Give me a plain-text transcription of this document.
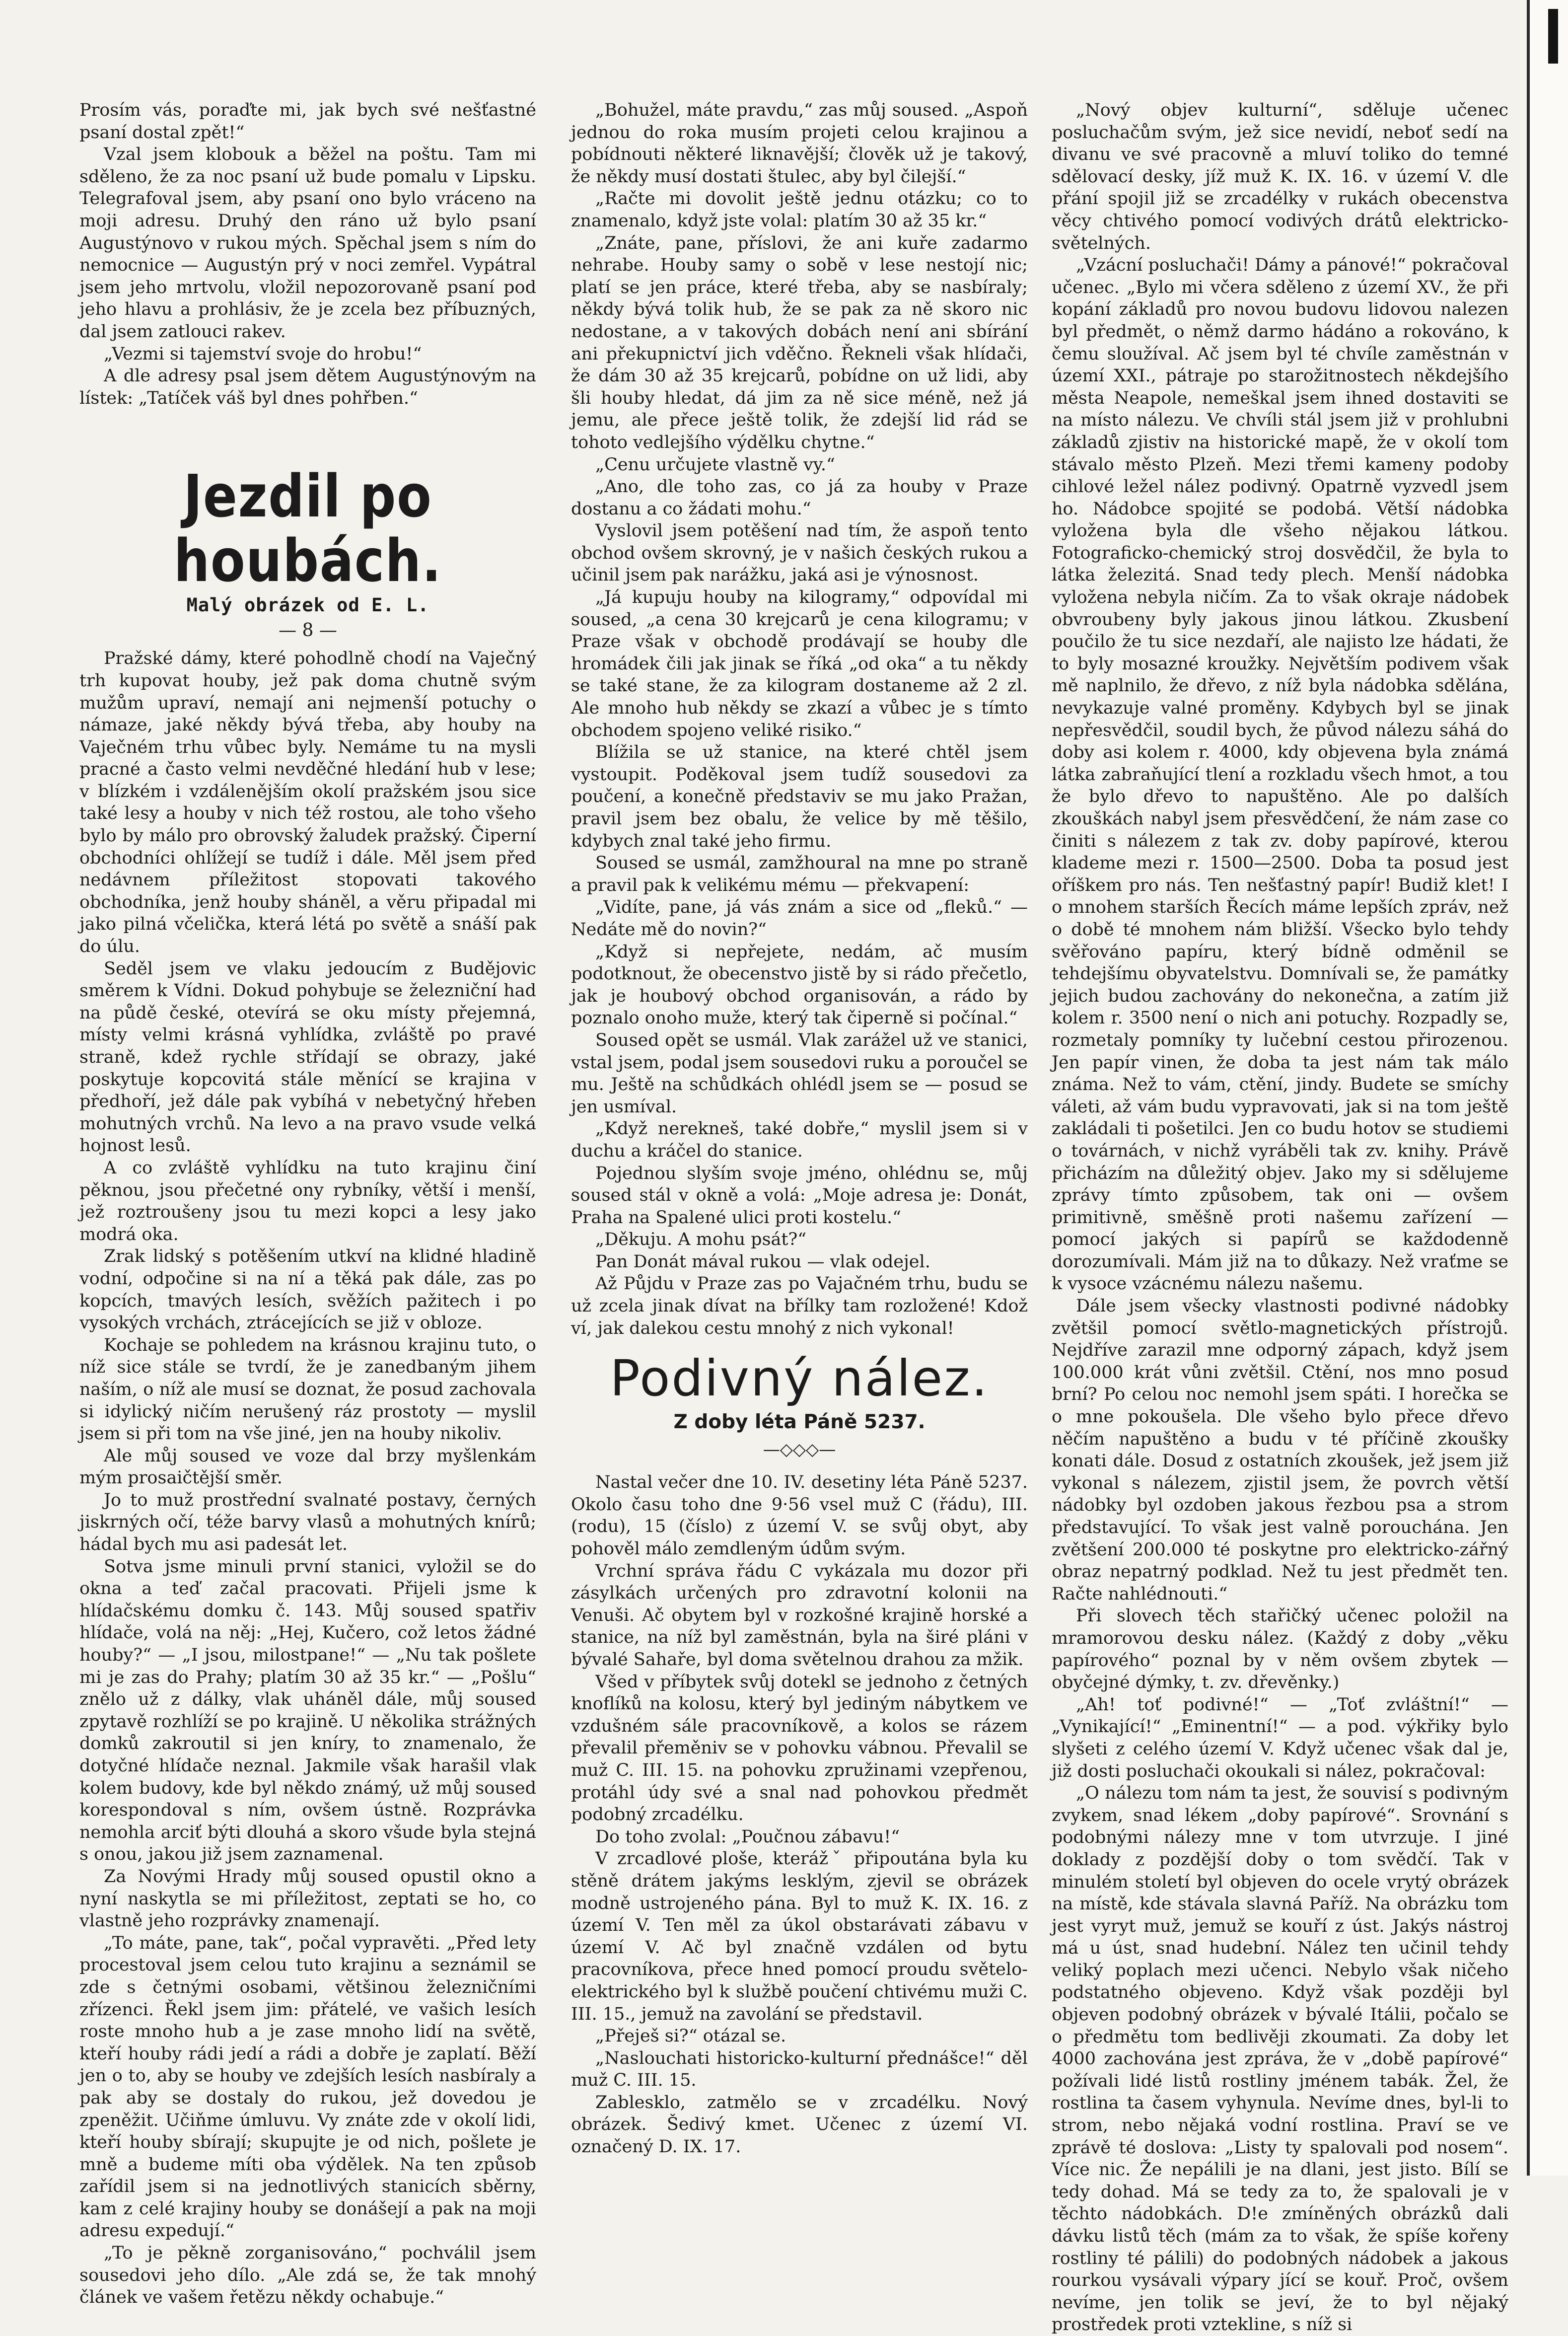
Prosím vás, poraďte mi, jak bych své nešťastné psaní dostal zpět!“

Vzal jsem klobouk a běžel na poštu. Tam mi sděleno, že za noc psaní už bude pomalu v Lipsku. Telegrafoval jsem, aby psaní ono bylo vráceno na moji adresu. Druhý den ráno už bylo psaní Augustýnovo v rukou mých. Spěchal jsem s ním do nemocnice — Augustýn prý v noci zemřel. Vypátral jsem jeho mrtvolu, vložil nepozorovaně psaní pod jeho hlavu a prohlásiv, že je zcela bez příbuzných, dal jsem zatlouci rakev.

„Vezmi si tajemství svoje do hrobu!“

A dle adresy psal jsem dětem Augustýnovým na lístek: „Tatíček váš byl dnes pohřben.“

Jezdil po houbách.
Malý obrázek od E. L.
— 8 —

Pražské dámy, které pohodlně chodí na Vaječný trh kupovat houby, jež pak doma chutně svým mužům upraví, nemají ani nejmenší potuchy o námaze, jaké někdy bývá třeba, aby houby na Vaječném trhu vůbec byly. Nemáme tu na mysli pracné a často velmi nevděčné hledání hub v lese; v blízkém i vzdálenějším okolí pražském jsou sice také lesy a houby v nich též rostou, ale toho všeho bylo by málo pro obrovský žaludek pražský. Čiperní obchodníci ohlížejí se tudíž i dále. Měl jsem před nedávnem příležitost stopovati takového obchodníka, jenž houby sháněl, a věru připadal mi jako pilná včelička, která létá po světě a snáší pak do úlu.

Seděl jsem ve vlaku jedoucím z Budějovic směrem k Vídni. Dokud pohybuje se železniční had na půdě české, otevírá se oku místy přejemná, místy velmi krásná vyhlídka, zvláště po pravé straně, kdež rychle střídají se obrazy, jaké poskytuje kopcovitá stále měnící se krajina v předhoří, jež dále pak vybíhá v nebetyčný hřeben mohutných vrchů. Na levo a na pravo vsude velká hojnost lesů.

A co zvláště vyhlídku na tuto krajinu činí pěknou, jsou přečetné ony rybníky, větší i menší, jež roztroušeny jsou tu mezi kopci a lesy jako modrá oka.

Zrak lidský s potěšením utkví na klidné hladině vodní, odpočine si na ní a těká pak dále, zas po kopcích, tmavých lesích, svěžích pažitech i po vysokých vrchách, ztrácejících se již v obloze.

Kochaje se pohledem na krásnou krajinu tuto, o níž sice stále se tvrdí, že je zanedbaným jihem naším, o níž ale musí se doznat, že posud zachovala si idylický ničím nerušený ráz prostoty — myslil jsem si při tom na vše jiné, jen na houby nikoliv.

Ale můj soused ve voze dal brzy myšlenkám mým prosaičtější směr.

Jo to muž prostřední svalnaté postavy, černých jiskrných očí, téže barvy vlasů a mohutných knírů; hádal bych mu asi padesát let.

Sotva jsme minuli první stanici, vyložil se do okna a teď začal pracovati. Přijeli jsme k hlídačskému domku č. 143. Můj soused spatřiv hlídače, volá na něj: „Hej, Kučero, což letos žádné houby?“ — „I jsou, milostpane!“ — „Nu tak pošlete mi je zas do Prahy; platím 30 až 35 kr.“ — „Pošlu“ znělo už z dálky, vlak uháněl dále, můj soused zpytavě rozhlíží se po krajině. U několika strážných domků zakroutil si jen kníry, to znamenalo, že dotyčné hlídače neznal. Jakmile však harašil vlak kolem budovy, kde byl někdo známý, už můj soused korespondoval s ním, ovšem ústně. Rozprávka nemohla arciť býti dlouhá a skoro všude byla stejná s onou, jakou již jsem zaznamenal.

Za Novými Hrady můj soused opustil okno a nyní naskytla se mi příležitost, zeptati se ho, co vlastně jeho rozprávky znamenají.

„To máte, pane, tak“, počal vypravěti. „Před lety procestoval jsem celou tuto krajinu a seznámil se zde s četnými osobami, většinou železničními zřízenci. Řekl jsem jim: přátelé, ve vašich lesích roste mnoho hub a je zase mnoho lidí na světě, kteří houby rádi jedí a rádi a dobře je zaplatí. Běží jen o to, aby se houby ve zdejších lesích nasbíraly a pak aby se dostaly do rukou, jež dovedou je zpeněžit. Učiňme úmluvu. Vy znáte zde v okolí lidi, kteří houby sbírají; skupujte je od nich, pošlete je mně a budeme míti oba výdělek. Na ten způsob zařídil jsem si na jednotlivých stanicích sběrny, kam z celé krajiny houby se donášejí a pak na moji adresu expedují.“

„To je pěkně zorganisováno,“ pochválil jsem sousedovi jeho dílo. „Ale zdá se, že tak mnohý článek ve vašem řetězu někdy ochabuje.“

„Bohužel, máte pravdu,“ zas můj soused. „Aspoň jednou do roka musím projeti celou krajinou a pobídnouti některé liknavější; člověk už je takový, že někdy musí dostati štulec, aby byl čilejší.“

„Račte mi dovolit ještě jednu otázku; co to znamenalo, když jste volal: platím 30 až 35 kr.“

„Znáte, pane, příslovi, že ani kuře zadarmo nehrabe. Houby samy o sobě v lese nestojí nic; platí se jen práce, které třeba, aby se nasbíraly; někdy bývá tolik hub, že se pak za ně skoro nic nedostane, a v takových dobách není ani sbírání ani překupnictví jich vděčno. Řekneli však hlídači, že dám 30 až 35 krejcarů, pobídne on už lidi, aby šli houby hledat, dá jim za ně sice méně, než já jemu, ale přece ještě tolik, že zdejší lid rád se tohoto vedlejšího výdělku chytne.“

„Cenu určujete vlastně vy.“

„Ano, dle toho zas, co já za houby v Praze dostanu a co žádati mohu.“

Vyslovil jsem potěšení nad tím, že aspoň tento obchod ovšem skrovný, je v našich českých rukou a učinil jsem pak narážku, jaká asi je výnosnost.

„Já kupuju houby na kilogramy,“ odpovídal mi soused, „a cena 30 krejcarů je cena kilogramu; v Praze však v obchodě prodávají se houby dle hromádek čili jak jinak se říká „od oka“ a tu někdy se také stane, že za kilogram dostaneme až 2 zl. Ale mnoho hub někdy se zkazí a vůbec je s tímto obchodem spojeno veliké risiko.“

Blížila se už stanice, na které chtěl jsem vystoupit. Poděkoval jsem tudíž sousedovi za poučení, a konečně představiv se mu jako Pražan, pravil jsem bez obalu, že velice by mě těšilo, kdybych znal také jeho firmu.

Soused se usmál, zamžhoural na mne po straně a pravil pak k velikému mému — překvapení:

„Vidíte, pane, já vás znám a sice od „fleků.“ — Nedáte mě do novin?“

„Když si nepřejete, nedám, ač musím podotknout, že obecenstvo jistě by si rádo přečetlo, jak je houbový obchod organisován, a rádo by poznalo onoho muže, který tak čiperně si počínal.“

Soused opět se usmál. Vlak zarážel už ve stanici, vstal jsem, podal jsem sousedovi ruku a poroučel se mu. Ještě na schůdkách ohlédl jsem se — posud se jen usmíval.

„Když nerekneš, také dobře,“ myslil jsem si v duchu a kráčel do stanice.

Pojednou slyším svoje jméno, ohlédnu se, můj soused stál v okně a volá: „Moje adresa je: Donát, Praha na Spalené ulici proti kostelu.“

„Děkuju. A mohu psát?“

Pan Donát mával rukou — vlak odejel.

Až Půjdu v Praze zas po Vajačném trhu, budu se už zcela jinak dívat na břílky tam rozložené! Kdož ví, jak dalekou cestu mnohý z nich vykonal!

Podivný nález.
Z doby léta Páně 5237.
—◇◇◇—

Nastal večer dne 10. IV. desetiny léta Páně 5237. Okolo času toho dne 9·56 vsel muž C (řádu), III. (rodu), 15 (číslo) z území V. se svůj obyt, aby pohověl málo zemdleným údům svým.

Vrchní správa řádu C vykázala mu dozor při zásylkách určených pro zdravotní kolonii na Venuši. Ač obytem byl v rozkošné krajině horské a stanice, na níž byl zaměstnán, byla na širé pláni v bývalé Sahaře, byl doma světelnou drahou za mžik.

Všed v příbytek svůj dotekl se jednoho z četných knoflíků na kolosu, který byl jediným nábytkem ve vzdušném sále pracovníkově, a kolos se rázem převalil přeměniv se v pohovku vábnou. Převalil se muž C. III. 15. na pohovku zpružinami vzepřenou, protáhl údy své a snal nad pohovkou předmět podobný zrcadélku.

Do toho zvolal: „Poučnou zábavu!“

V zrcadlové ploše, kterážˇ připoutána byla ku stěně drátem jakýms lesklým, zjevil se obrázek modně ustrojeného pána. Byl to muž K. IX. 16. z území V. Ten měl za úkol obstarávati zábavu v území V. Ač byl značně vzdálen od bytu pracovníkova, přece hned pomocí proudu světelo-elektrického byl k službě poučení chtivému muži C. III. 15., jemuž na zavolání se představil.

„Přeješ si?“ otázal se.

„Naslouchati historicko-kulturní přednášce!“ děl muž C. III. 15.

Zablesklo, zatmělo se v zrcadélku. Nový obrázek. Šedivý kmet. Učenec z území VI. označený D. IX. 17.

„Nový objev kulturní“, sděluje učenec posluchačům svým, jež sice nevidí, neboť sedí na divanu ve své pracovně a mluví toliko do temné sdělovací desky, jíž muž K. IX. 16. v území V. dle přání spojil již se zrcadélky v rukách obecenstva věcy chtivého pomocí vodivých drátů elektricko-světelných.

„Vzácní posluchači! Dámy a pánové!“ pokračoval učenec. „Bylo mi včera sděleno z území XV., že při kopání základů pro novou budovu lidovou nalezen byl předmět, o němž darmo hádáno a rokováno, k čemu sloužíval. Ač jsem byl té chvíle zaměstnán v území XXI., pátraje po starožitnostech někdejšího města Neapole, nemeškal jsem ihned dostaviti se na místo nálezu. Ve chvíli stál jsem již v prohlubni základů zjistiv na historické mapě, že v okolí tom stávalo město Plzeň. Mezi třemi kameny podoby cihlové ležel nález podivný. Opatrně vyzvedl jsem ho. Nádobce spojité se podobá. Větší nádobka vyložena byla dle všeho nějakou látkou. Fotograficko-chemický stroj dosvědčil, že byla to látka železitá. Snad tedy plech. Menší nádobka vyložena nebyla ničím. Za to však okraje nádobek obvroubeny byly jakous jinou látkou. Zkusbení poučilo že tu sice nezdaří, ale najisto lze hádati, že to byly mosazné kroužky. Největším podivem však mě naplnilo, že dřevo, z níž byla nádobka sdělána, nevykazuje valné proměny. Kdybych byl se jinak nepřesvědčil, soudil bych, že původ nálezu sáhá do doby asi kolem r. 4000, kdy objevena byla známá látka zabraňující tlení a rozkladu všech hmot, a tou že bylo dřevo to napuštěno. Ale po dalších zkouškách nabyl jsem přesvědčení, že nám zase co činiti s nálezem z tak zv. doby papírové, kterou klademe mezi r. 1500—2500. Doba ta posud jest oříškem pro nás. Ten nešťastný papír! Budiž klet! I o mnohem starších Řecích máme lepších zpráv, než o době té mnohem nám bližší. Všecko bylo tehdy svěřováno papíru, který bídně odměnil se tehdejšímu obyvatelstvu. Domnívali se, že památky jejich budou zachovány do nekonečna, a zatím již kolem r. 3500 není o nich ani potuchy. Rozpadly se, rozmetaly pomníky ty lučební cestou přirozenou. Jen papír vinen, že doba ta jest nám tak málo známa. Než to vám, ctění, jindy. Budete se smíchy váleti, až vám budu vypravovati, jak si na tom ještě zakládali ti pošetilci. Jen co budu hotov se studiemi o továrnách, v nichž vyráběli tak zv. knihy. Právě přicházím na důležitý objev. Jako my si sdělujeme zprávy tímto způsobem, tak oni — ovšem primitivně, směšně proti našemu zařízení — pomocí jakých si papírů se každodenně dorozumívali. Mám již na to důkazy. Než vraťme se k vysoce vzácnému nálezu našemu.

Dále jsem všecky vlastnosti podivné nádobky zvětšil pomocí světlo-magnetických přístrojů. Nejdříve zarazil mne odporný zápach, když jsem 100.000 krát vůni zvětšil. Ctění, nos mno posud brní? Po celou noc nemohl jsem spáti. I horečka se o mne pokoušela. Dle všeho bylo přece dřevo něčím napuštěno a budu v té příčině zkoušky konati dále. Dosud z ostatních zkoušek, jež jsem již vykonal s nálezem, zjistil jsem, že povrch větší nádobky byl ozdoben jakous řezbou psa a strom představující. To však jest valně porouchána. Jen zvětšení 200.000 té poskytne pro elektricko-zářný obraz nepatrný podklad. Než tu jest předmět ten. Račte nahlédnouti.“

Při slovech těch stařičký učenec položil na mramorovou desku nález. (Každý z doby „věku papírového“ poznal by v něm ovšem zbytek — obyčejné dýmky, t. zv. dřevěnky.)

„Ah! toť podivné!“ — „Toť zvláštní!“ — „Vynikající!“ „Eminentní!“ — a pod. výkřiky bylo slyšeti z celého území V. Když učenec však dal je, již dosti posluchači okoukali si nález, pokračoval:

„O nálezu tom nám ta jest, že souvisí s podivným zvykem, snad lékem „doby papírové“. Srovnání s podobnými nálezy mne v tom utvrzuje. I jiné doklady z pozdější doby o tom svědčí. Tak v minulém století byl objeven do ocele vrytý obrázek na místě, kde stávala slavná Paříž. Na obrázku tom jest vyryt muž, jemuž se kouří z úst. Jakýs nástroj má u úst, snad hudební. Nález ten učinil tehdy veliký poplach mezi učenci. Nebylo však ničeho podstatného objeveno. Když však později byl objeven podobný obrázek v bývalé Itálii, počalo se o předmětu tom bedlivěji zkoumati. Za doby let 4000 zachována jest zpráva, že v „době papírové“ požívali lidé listů rostliny jménem tabák. Žel, že rostlina ta časem vyhynula. Nevíme dnes, byl-li to strom, nebo nějaká vodní rostlina. Praví se ve zprávě té doslova: „Listy ty spalovali pod nosem“. Více nic. Že nepálili je na dlani, jest jisto. Bílí se tedy dohad. Má se tedy za to, že spalovali je v těchto nádobkách. D!e zmíněných obrázků dali dávku listů těch (mám za to však, že spíše kořeny rostliny té pálili) do podobných nádobek a jakous rourkou vysávali výpary jící se kouř. Proč, ovšem nevíme, jen tolik se jeví, že to byl nějaký prostředek proti vztekline, s níž si
